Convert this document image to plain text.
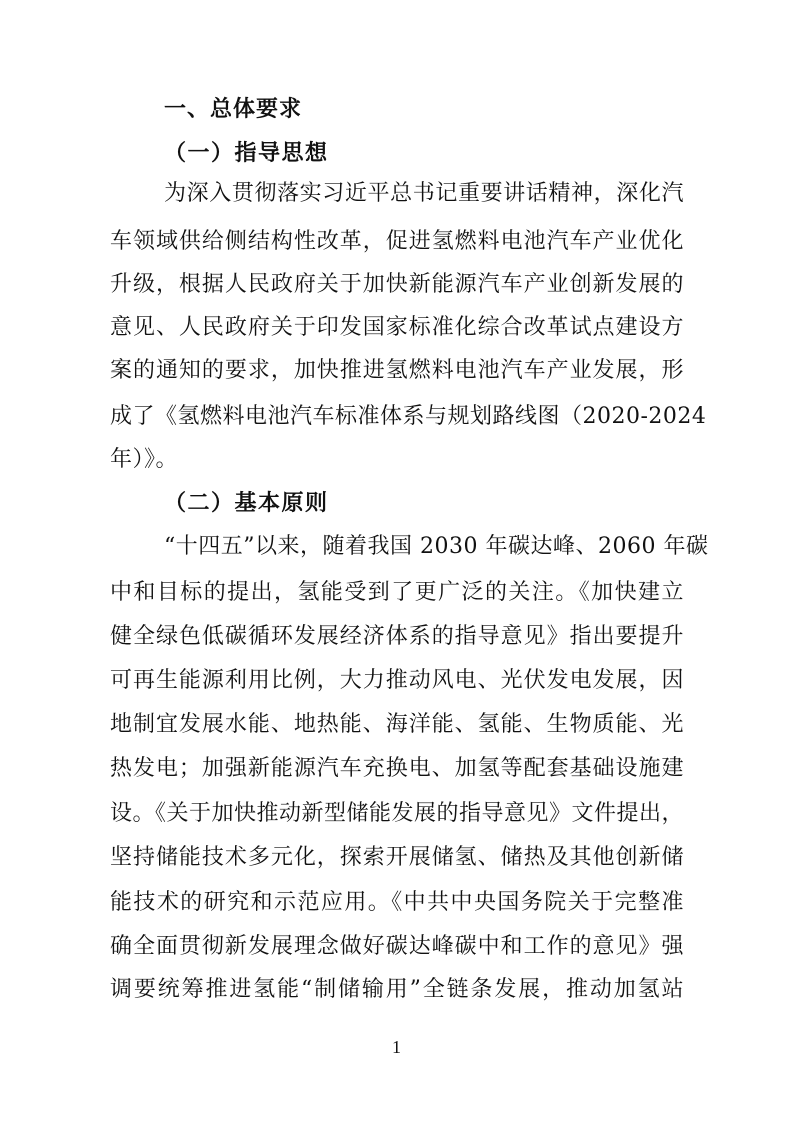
一、总体要求
（一）指导思想
为深入贯彻落实习近平总书记重要讲话精神，深化汽
车领域供给侧结构性改革，促进氢燃料电池汽车产业优化
升级，根据人民政府关于加快新能源汽车产业创新发展的
意见、人民政府关于印发国家标准化综合改革试点建设方
案的通知的要求，加快推进氢燃料电池汽车产业发展，形
成了《氢燃料电池汽车标准体系与规划路线图（2020-2024
年）》。
（二）基本原则
“十四五”以来，随着我国 2030 年碳达峰、2060 年碳
中和目标的提出，氢能受到了更广泛的关注。《加快建立
健全绿色低碳循环发展经济体系的指导意见》指出要提升
可再生能源利用比例，大力推动风电、光伏发电发展，因
地制宜发展水能、地热能、海洋能、氢能、生物质能、光
热发电；加强新能源汽车充换电、加氢等配套基础设施建
设。《关于加快推动新型储能发展的指导意见》文件提出，
坚持储能技术多元化，探索开展储氢、储热及其他创新储
能技术的研究和示范应用。《中共中央国务院关于完整准
确全面贯彻新发展理念做好碳达峰碳中和工作的意见》强
调要统筹推进氢能“制储输用”全链条发展，推动加氢站
1
